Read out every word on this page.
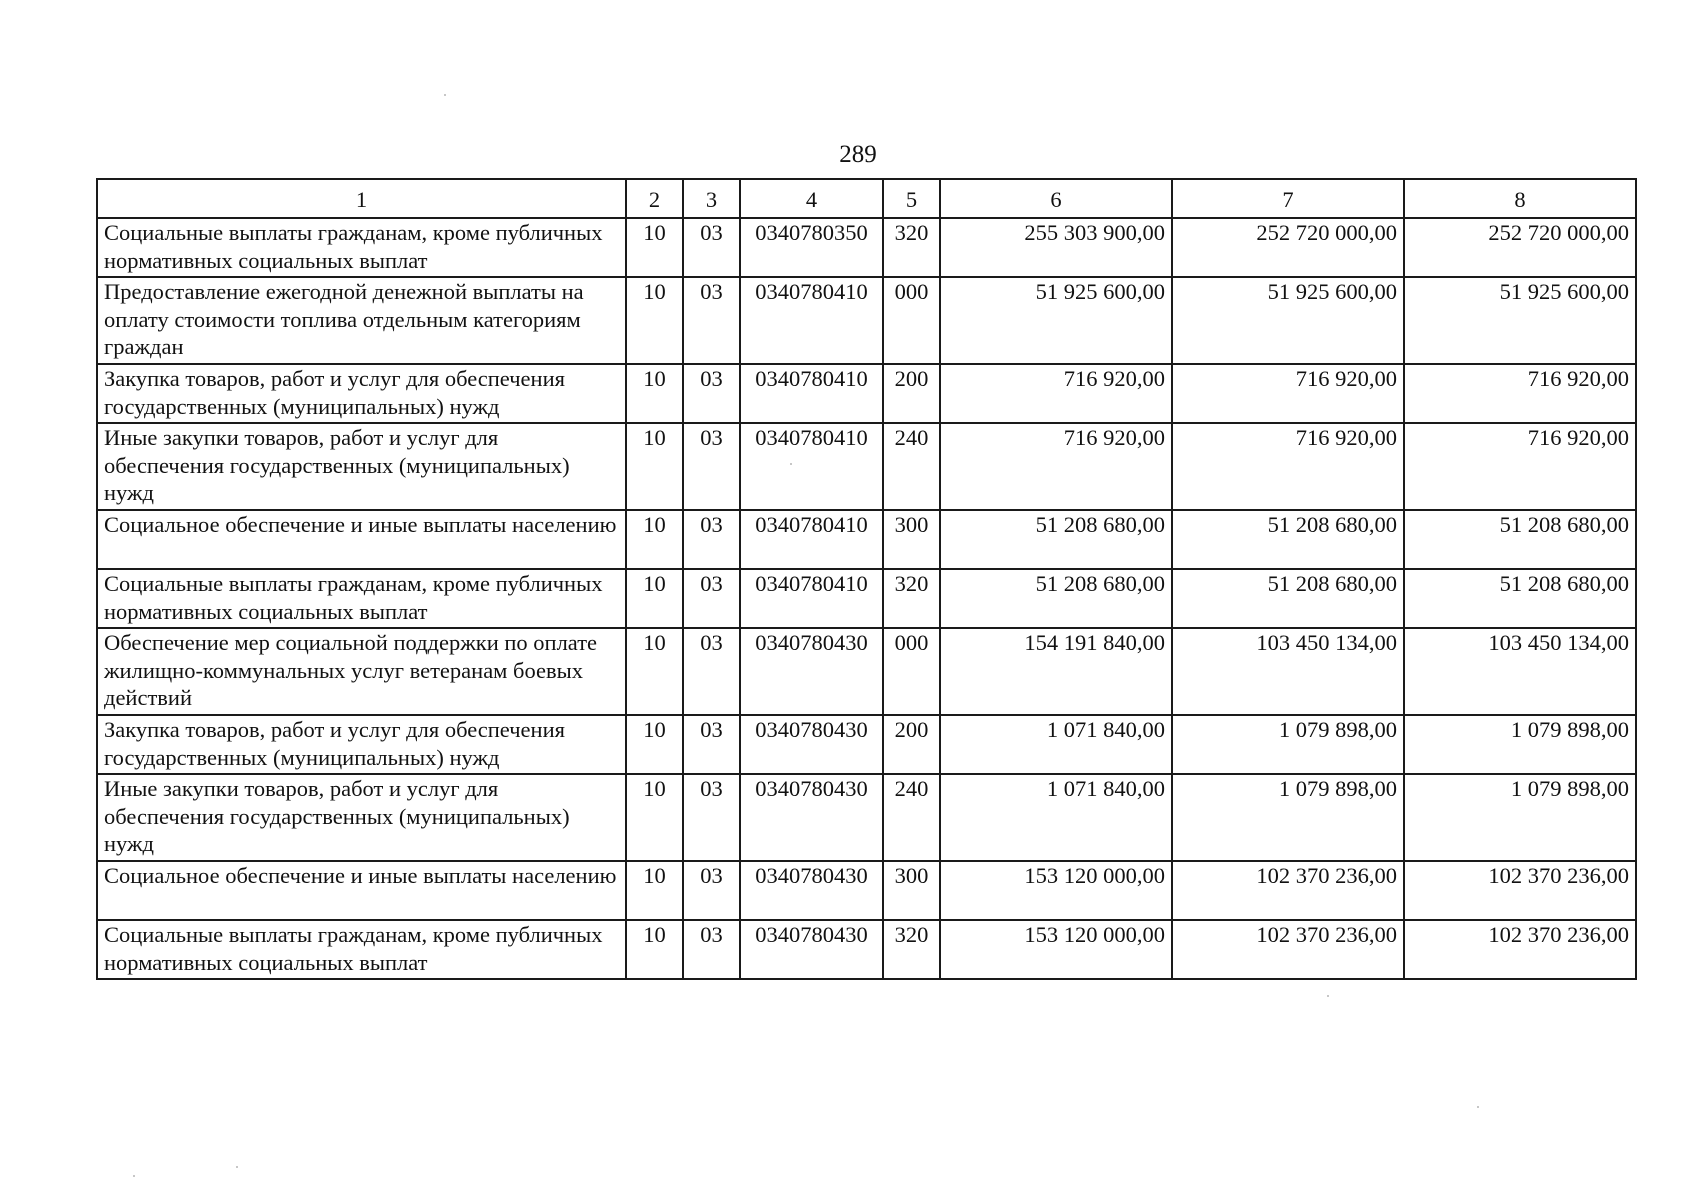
289
1	2	3	4	5	6	7	8
Социальные выплаты гражданам, кроме публичных нормативных социальных выплат	10	03	0340780350	320	255 303 900,00	252 720 000,00	252 720 000,00
Предоставление ежегодной денежной выплаты на оплату стоимости топлива отдельным категориям граждан	10	03	0340780410	000	51 925 600,00	51 925 600,00	51 925 600,00
Закупка товаров, работ и услуг для обеспечения государственных (муниципальных) нужд	10	03	0340780410	200	716 920,00	716 920,00	716 920,00
Иные закупки товаров, работ и услуг для обеспечения государственных (муниципальных) нужд	10	03	0340780410	240	716 920,00	716 920,00	716 920,00
Социальное обеспечение и иные выплаты населению	10	03	0340780410	300	51 208 680,00	51 208 680,00	51 208 680,00
Социальные выплаты гражданам, кроме публичных нормативных социальных выплат	10	03	0340780410	320	51 208 680,00	51 208 680,00	51 208 680,00
Обеспечение мер социальной поддержки по оплате жилищно-коммунальных услуг ветеранам боевых действий	10	03	0340780430	000	154 191 840,00	103 450 134,00	103 450 134,00
Закупка товаров, работ и услуг для обеспечения государственных (муниципальных) нужд	10	03	0340780430	200	1 071 840,00	1 079 898,00	1 079 898,00
Иные закупки товаров, работ и услуг для обеспечения государственных (муниципальных) нужд	10	03	0340780430	240	1 071 840,00	1 079 898,00	1 079 898,00
Социальное обеспечение и иные выплаты населению	10	03	0340780430	300	153 120 000,00	102 370 236,00	102 370 236,00
Социальные выплаты гражданам, кроме публичных нормативных социальных выплат	10	03	0340780430	320	153 120 000,00	102 370 236,00	102 370 236,00
